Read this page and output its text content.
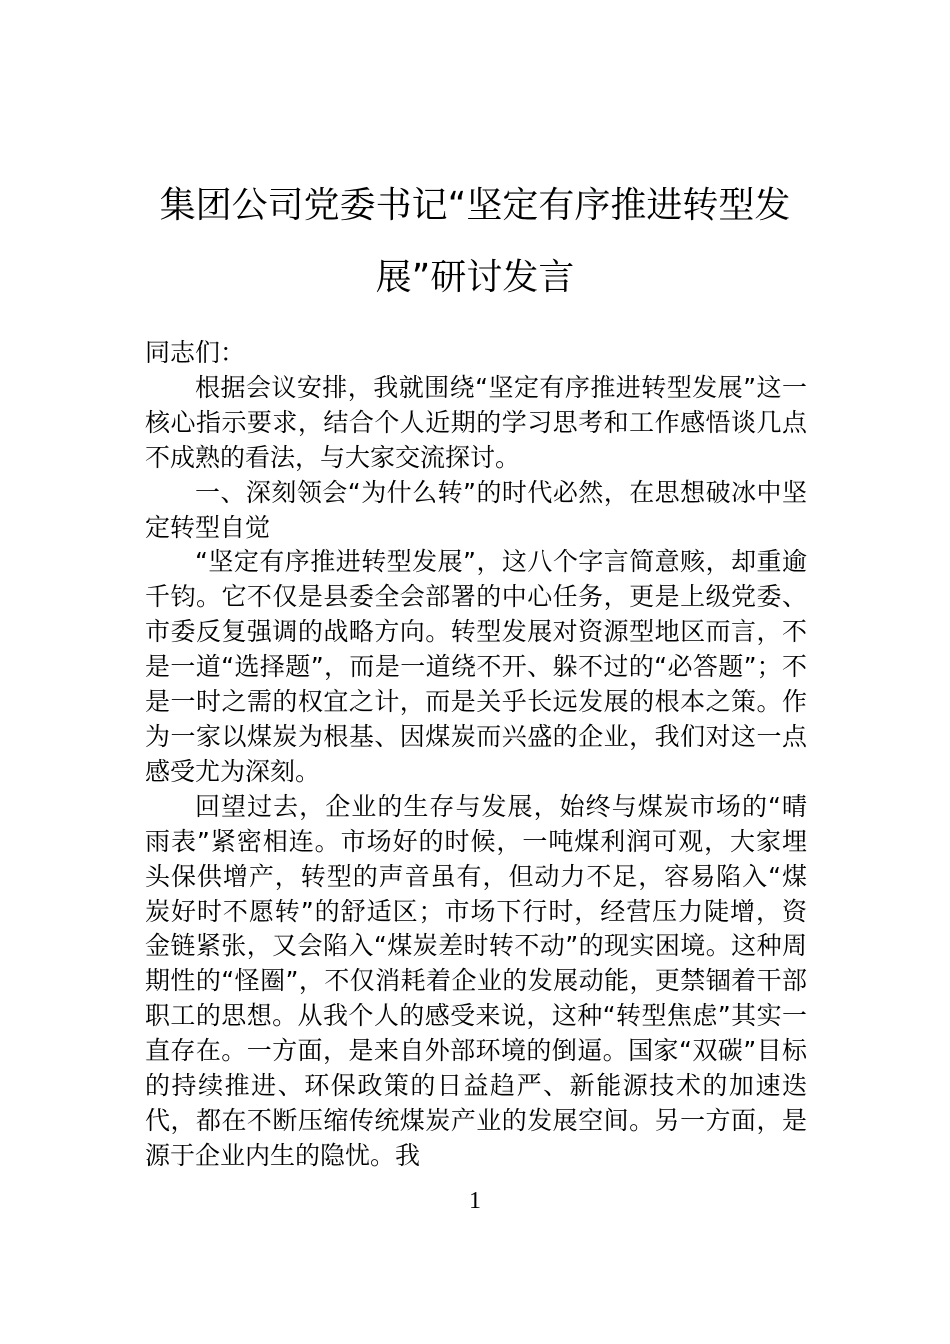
集团公司党委书记“坚定有序推进转型发
展”研讨发言

同志们：

根据会议安排，我就围绕“坚定有序推进转型发展”这一核心指示要求，结合个人近期的学习思考和工作感悟谈几点不成熟的看法，与大家交流探讨。

一、深刻领会“为什么转”的时代必然，在思想破冰中坚定转型自觉

“坚定有序推进转型发展”，这八个字言简意赅，却重逾千钧。它不仅是县委全会部署的中心任务，更是上级党委、市委反复强调的战略方向。转型发展对资源型地区而言，不是一道“选择题”，而是一道绕不开、躲不过的“必答题”；不是一时之需的权宜之计，而是关乎长远发展的根本之策。作为一家以煤炭为根基、因煤炭而兴盛的企业，我们对这一点感受尤为深刻。

回望过去，企业的生存与发展，始终与煤炭市场的“晴雨表”紧密相连。市场好的时候，一吨煤利润可观，大家埋头保供增产，转型的声音虽有，但动力不足，容易陷入“煤炭好时不愿转”的舒适区；市场下行时，经营压力陡增，资金链紧张，又会陷入“煤炭差时转不动”的现实困境。这种周期性的“怪圈”，不仅消耗着企业的发展动能，更禁锢着干部职工的思想。从我个人的感受来说，这种“转型焦虑”其实一直存在。一方面，是来自外部环境的倒逼。国家“双碳”目标的持续推进、环保政策的日益趋严、新能源技术的加速迭代，都在不断压缩传统煤炭产业的发展空间。另一方面，是源于企业内生的隐忧。我

1
